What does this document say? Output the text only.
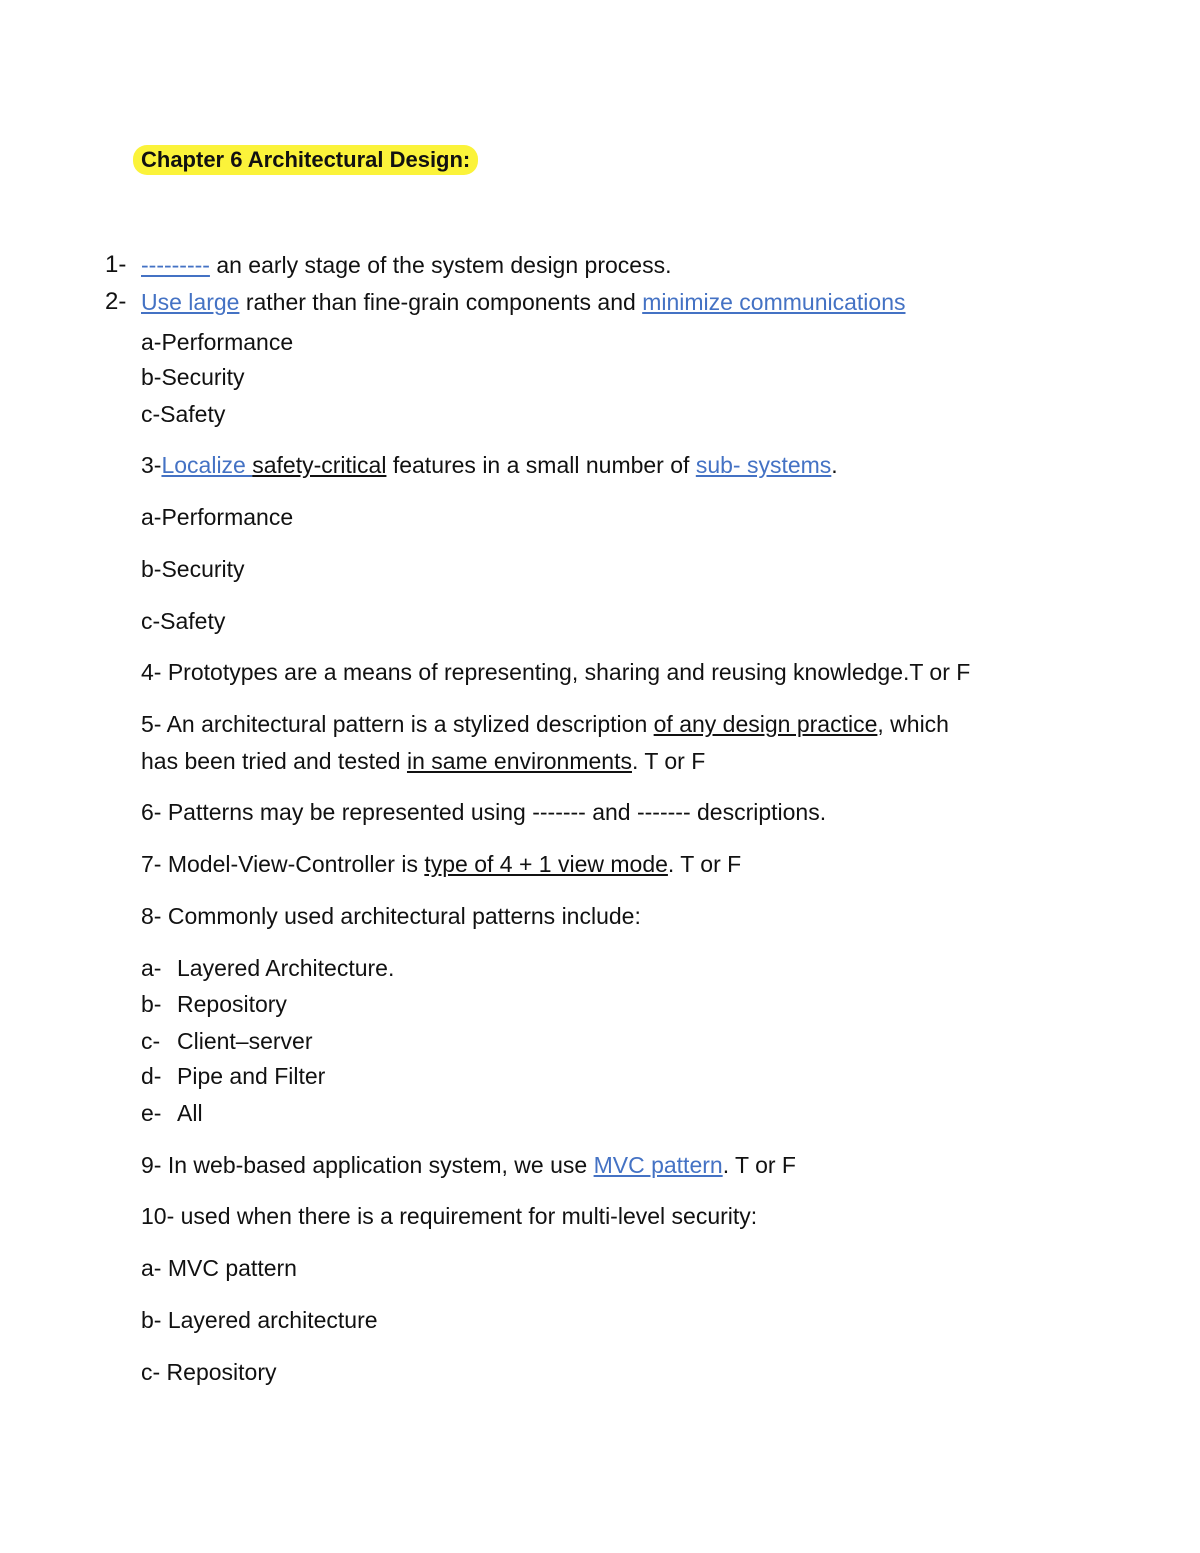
Chapter 6 Architectural Design:
1- --------- an early stage of the system design process.
2- Use large rather than fine-grain components and minimize communications
a-Performance
b-Security
c-Safety
3-Localize safety-critical features in a small number of sub- systems.
a-Performance
b-Security
c-Safety
4- Prototypes are a means of representing, sharing and reusing knowledge.T or F
5- An architectural pattern is a stylized description of any design practice, which
has been tried and tested in same environments. T or F
6- Patterns may be represented using ------- and ------- descriptions.
7- Model-View-Controller is type of 4 + 1 view mode. T or F
8- Commonly used architectural patterns include:
a- Layered Architecture.
b- Repository
c- Client–server
d- Pipe and Filter
e- All
9- In web-based application system, we use MVC pattern. T or F
10- used when there is a requirement for multi-level security:
a- MVC pattern
b- Layered architecture
c- Repository
